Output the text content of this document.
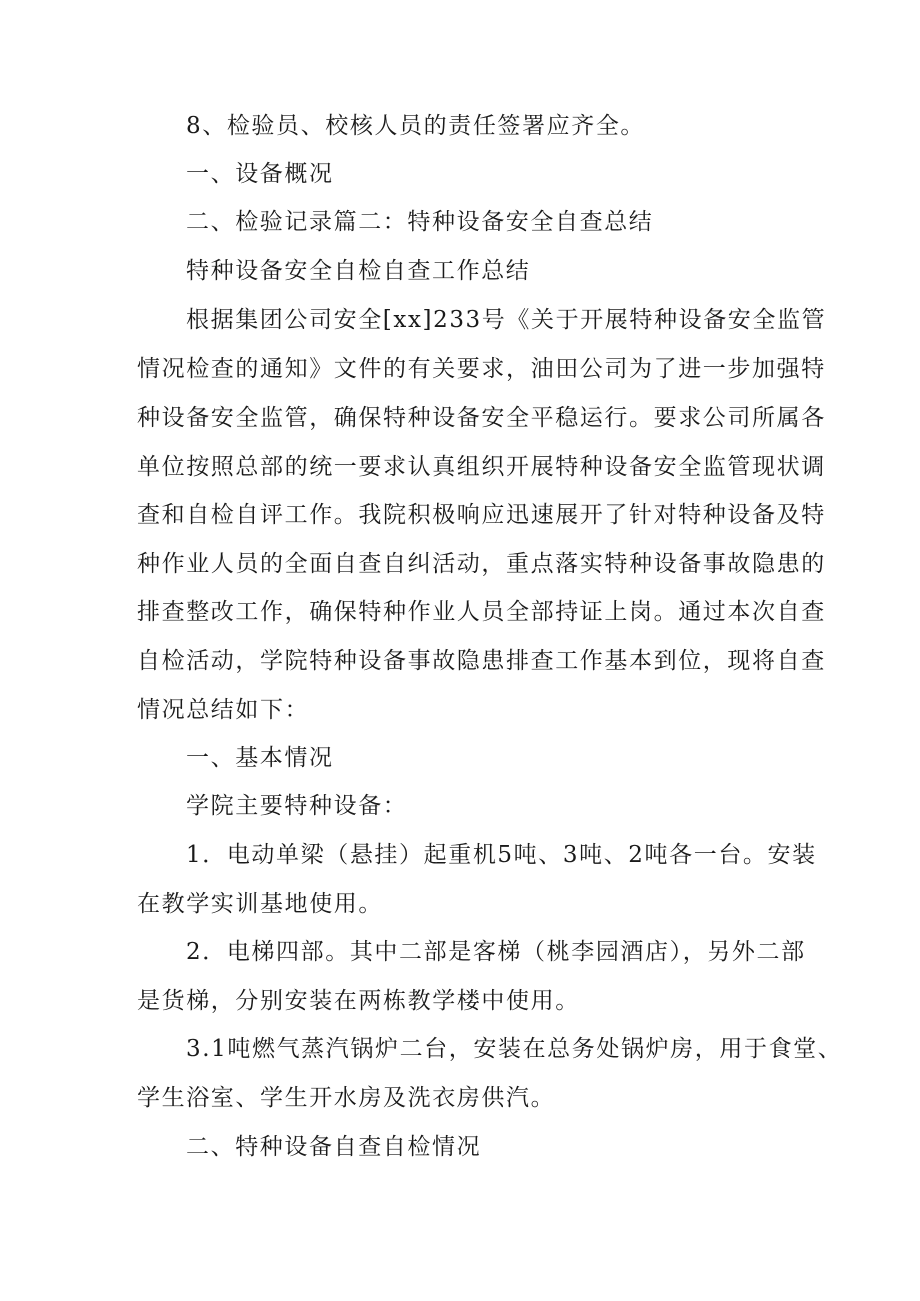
8、检验员、校核人员的责任签署应齐全。

一、设备概况

二、检验记录篇二：特种设备安全自查总结

特种设备安全自检自查工作总结

根据集团公司安全[xx]233号《关于开展特种设备安全监管

情况检查的通知》文件的有关要求，油田公司为了进一步加强特

种设备安全监管，确保特种设备安全平稳运行。要求公司所属各

单位按照总部的统一要求认真组织开展特种设备安全监管现状调

查和自检自评工作。我院积极响应迅速展开了针对特种设备及特

种作业人员的全面自查自纠活动，重点落实特种设备事故隐患的

排查整改工作，确保特种作业人员全部持证上岗。通过本次自查

自检活动，学院特种设备事故隐患排查工作基本到位，现将自查

情况总结如下：

一、基本情况

学院主要特种设备：

1．电动单梁（悬挂）起重机5吨、3吨、2吨各一台。安装

在教学实训基地使用。

2．电梯四部。其中二部是客梯（桃李园酒店），另外二部

是货梯，分别安装在两栋教学楼中使用。

3.1吨燃气蒸汽锅炉二台，安装在总务处锅炉房，用于食堂、

学生浴室、学生开水房及洗衣房供汽。

二、特种设备自查自检情况
